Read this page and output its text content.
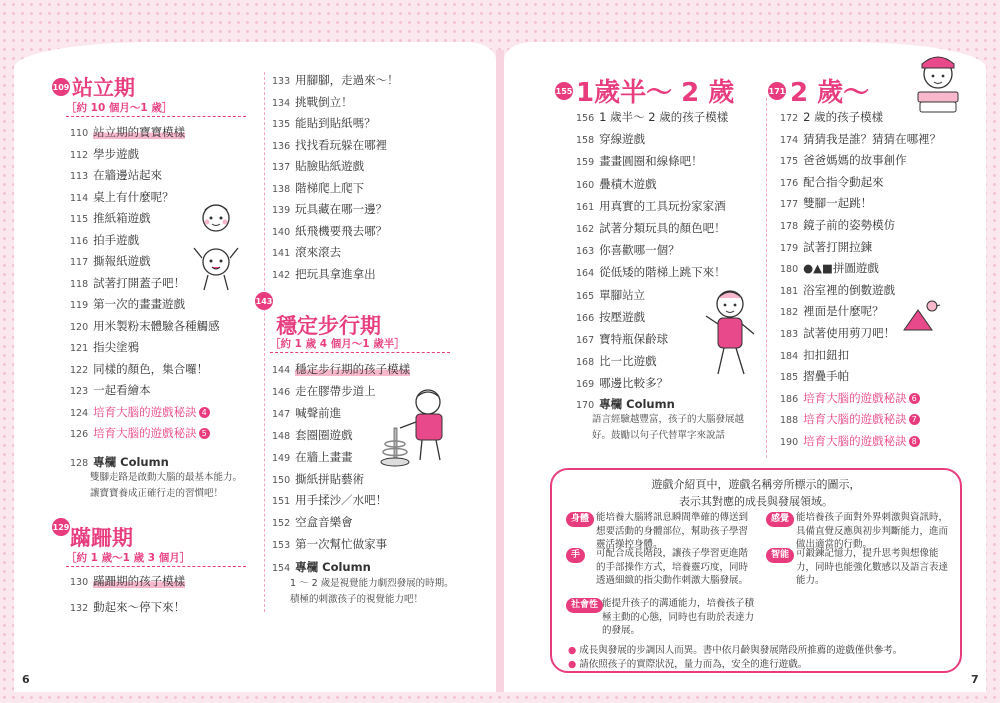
109 站立期
［約 10 個月～1 歲］
128 專欄 Column
雙腳走路是啟動大腦的最基本能力。
讓寶寶養成正確行走的習慣吧！
129 蹣跚期
［約 1 歲～1 歲 3 個月］
143
穩定步行期
［約 1 歲 4 個月～1 歲半］
154 專欄 Column
1 ～ 2 歲是視覺能力劇烈發展的時期。
積極的刺激孩子的視覺能力吧！
6
155 1歲半～ 2 歲
170 專欄 Column
語言經驗越豐富，孩子的大腦發展越
好。鼓勵以句子代替單字來說話
171 2 歲～
遊戲介紹頁中，遊戲名稱旁所標示的圖示，
表示其對應的成長與發展領域。
7
110 站立期的寶寶模樣
112 學步遊戲
113 在牆邊站起來
114 桌上有什麼呢？
115 推紙箱遊戲
116 拍手遊戲
117 撕報紙遊戲
118 試著打開蓋子吧！
119 第一次的畫畫遊戲
120 用米製粉末體驗各種觸感
121 指尖塗鴉
122 同樣的顏色，集合囉！
123 一起看繪本
124 培育大腦的遊戲秘訣 4
126 培育大腦的遊戲秘訣 5
130 蹣跚期的孩子模樣
132 動起來～停下來！
133 用腳腳，走過來～！
134 挑戰倒立！
135 能貼到貼紙嗎？
136 找找看玩躲在哪裡
137 貼臉貼紙遊戲
138 階梯爬上爬下
139 玩具藏在哪一邊？
140 紙飛機要飛去哪？
141 滾來滾去
142 把玩具拿進拿出
144 穩定步行期的孩子模樣
146 走在膠帶步道上
147 喊聲前進
148 套圈圈遊戲
149 在牆上畫畫
150 撕紙拼貼藝術
151 用手揉沙／水吧！
152 空盒音樂會
153 第一次幫忙做家事
156 1 歲半～ 2 歲的孩子模樣
158 穿線遊戲
159 畫畫圓圈和線條吧！
160 疊積木遊戲
161 用真實的工具玩扮家家酒
162 試著分類玩具的顏色吧！
163 你喜歡哪一個？
164 從低矮的階梯上跳下來！
165 單腳站立
166 按壓遊戲
167 寶特瓶保齡球
168 比一比遊戲
169 哪邊比較多？
172 2 歲的孩子模樣
174 猜猜我是誰？猜猜在哪裡？
175 爸爸媽媽的故事創作
176 配合指令動起來
177 雙腳一起跳！
178 鏡子前的姿勢模仿
179 試著打開拉鍊
180 ●▲■拼圖遊戲
181 浴室裡的倒數遊戲
182 裡面是什麼呢？
183 試著使用剪刀吧！
184 扣扣鈕扣
185 摺疊手帕
186 培育大腦的遊戲秘訣 6
188 培育大腦的遊戲秘訣 7
190 培育大腦的遊戲秘訣 8
身體 能培養大腦將訊息瞬間準確的傳送到
想要活動的身體部位，幫助孩子學習
靈活操控身體。
感覺 能培養孩子面對外界刺激與資訊時，
具備直覺反應與初步判斷能力，進而
做出適當的行動。
手	可配合成長階段，讓孩子學習更進階
的手部操作方式，培養靈巧度，同時
透過細緻的指尖動作刺激大腦發展。
智能 可鍛鍊記憶力，提升思考與想像能
力，同時也能強化數感以及語言表達
能力。
社會性 能提升孩子的溝通能力，培養孩子積
極主動的心態，同時也有助於表達力
的發展。
● 成長與發展的步調因人而異。書中依月齡與發展階段所推薦的遊戲僅供參考。
● 請依照孩子的實際狀況，量力而為，安全的進行遊戲。
